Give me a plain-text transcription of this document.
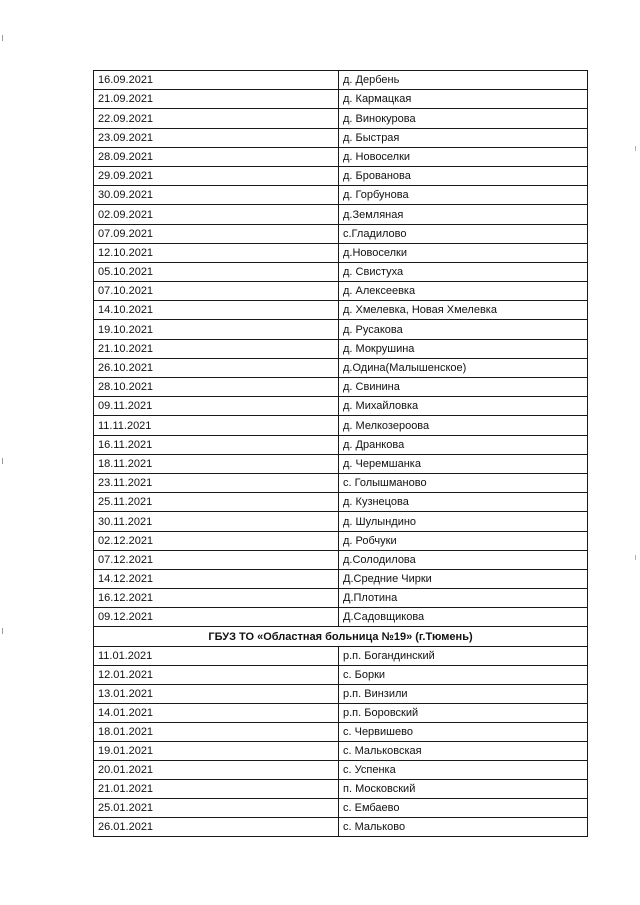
16.09.2021	д. Дербень
21.09.2021	д. Кармацкая
22.09.2021	д. Винокурова
23.09.2021	д. Быстрая
28.09.2021	д. Новоселки
29.09.2021	д. Брованова
30.09.2021	д. Горбунова
02.09.2021	д.Земляная
07.09.2021	с.Гладилово
12.10.2021	д.Новоселки
05.10.2021	д. Свистуха
07.10.2021	д. Алексеевка
14.10.2021	д. Хмелевка, Новая Хмелевка
19.10.2021	д. Русакова
21.10.2021	д. Мокрушина
26.10.2021	д.Одина(Малышенское)
28.10.2021	д. Свинина
09.11.2021	д. Михайловка
11.11.2021	д. Мелкозероова
16.11.2021	д. Дранкова
18.11.2021	д. Черемшанка
23.11.2021	с. Голышманово
25.11.2021	д. Кузнецова
30.11.2021	д. Шулындино
02.12.2021	д. Робчуки
07.12.2021	д.Солодилова
14.12.2021	Д.Средние Чирки
16.12.2021	Д.Плотина
09.12.2021	Д.Садовщикова
ГБУЗ ТО «Областная больница №19» (г.Тюмень)	
11.01.2021	р.п. Богандинский
12.01.2021	с. Борки
13.01.2021	р.п. Винзили
14.01.2021	р.п. Боровский
18.01.2021	с. Червишево
19.01.2021	с. Мальковская
20.01.2021	с. Успенка
21.01.2021	п. Московский
25.01.2021	с. Ембаево
26.01.2021	с. Мальково
